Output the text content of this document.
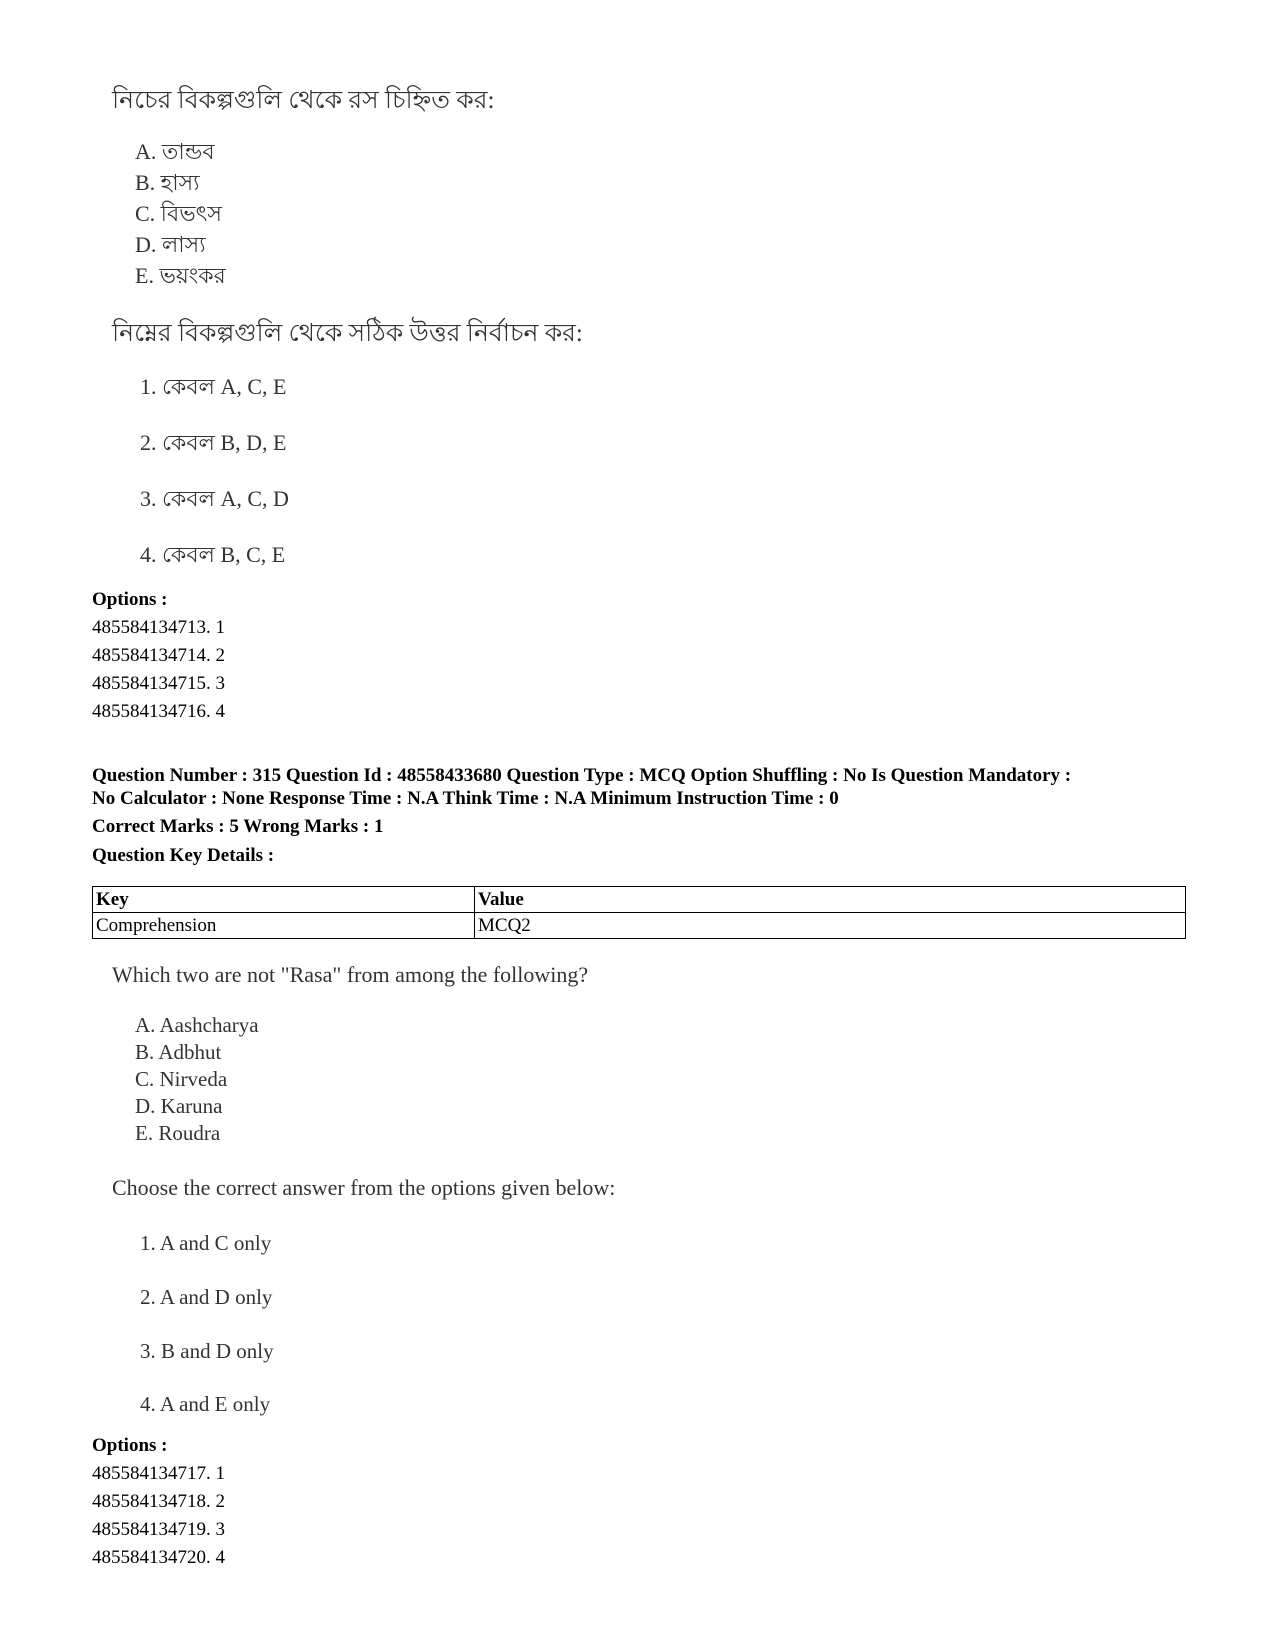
নিচের বিকল্পগুলি থেকে রস চিহ্নিত কর:
A. তান্ডব
B. হাস্য
C. বিভৎস
D. লাস্য
E. ভয়ংকর
নিম্নের বিকল্পগুলি থেকে সঠিক উত্তর নির্বাচন কর:
1. কেবল A, C, E
2. কেবল B, D, E
3. কেবল A, C, D
4. কেবল B, C, E
Options :
485584134713. 1
485584134714. 2
485584134715. 3
485584134716. 4
Question Number : 315 Question Id : 48558433680 Question Type : MCQ Option Shuffling : No Is Question Mandatory :
No Calculator : None Response Time : N.A Think Time : N.A Minimum Instruction Time : 0
Correct Marks : 5 Wrong Marks : 1
Question Key Details :
Key	Value
Comprehension	MCQ2
Which two are not "Rasa" from among the following?
A. Aashcharya
B. Adbhut
C. Nirveda
D. Karuna
E. Roudra
Choose the correct answer from the options given below:
1. A and C only
2. A and D only
3. B and D only
4. A and E only
Options :
485584134717. 1
485584134718. 2
485584134719. 3
485584134720. 4
